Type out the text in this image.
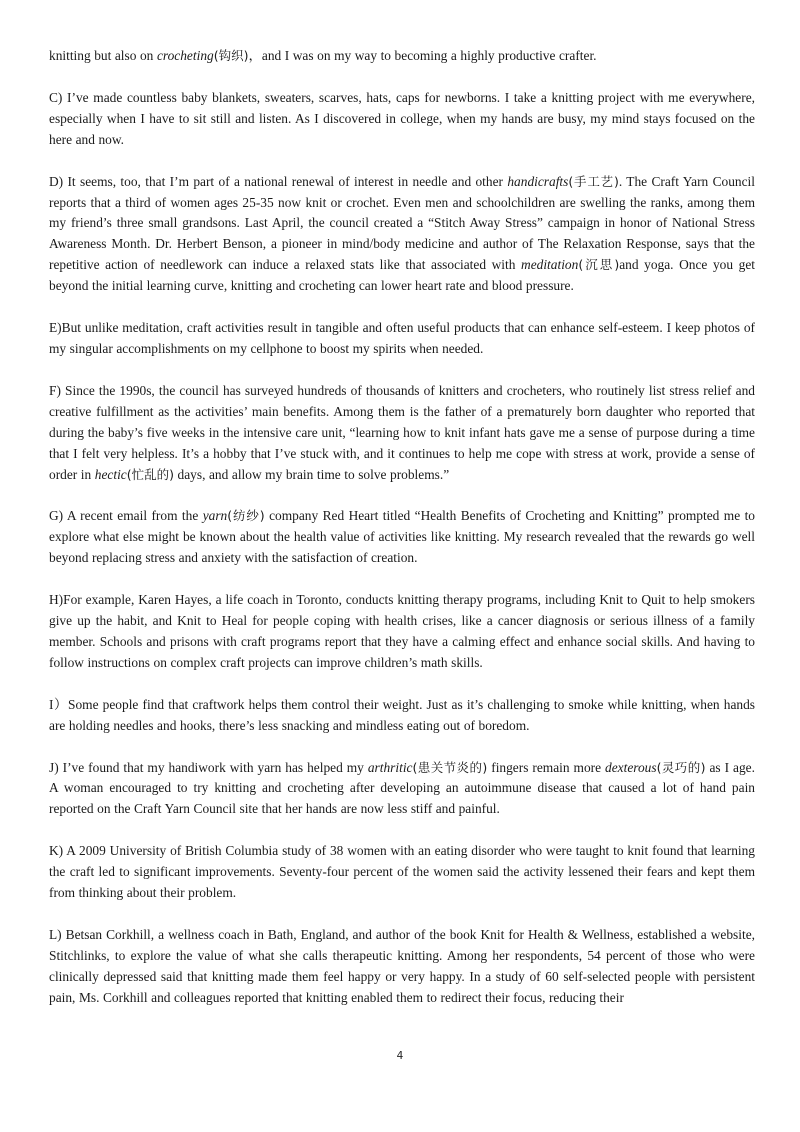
knitting but also on crocheting(钩织)，and I was on my way to becoming a highly productive crafter.

C) I’ve made countless baby blankets, sweaters, scarves, hats, caps for newborns. I take a knitting project with me everywhere, especially when I have to sit still and listen. As I discovered in college, when my hands are busy, my mind stays focused on the here and now.

D) It seems, too, that I’m part of a national renewal of interest in needle and other handicrafts(手工艺). The Craft Yarn Council reports that a third of women ages 25-35 now knit or crochet. Even men and schoolchildren are swelling the ranks, among them my friend’s three small grandsons. Last April, the council created a “Stitch Away Stress” campaign in honor of National Stress Awareness Month. Dr. Herbert Benson, a pioneer in mind/body medicine and author of The Relaxation Response, says that the repetitive action of needlework can induce a relaxed stats like that associated with meditation(沉思)and yoga. Once you get beyond the initial learning curve, knitting and crocheting can lower heart rate and blood pressure.

E)But unlike meditation, craft activities result in tangible and often useful products that can enhance self-esteem. I keep photos of my singular accomplishments on my cellphone to boost my spirits when needed.

F) Since the 1990s, the council has surveyed hundreds of thousands of knitters and crocheters, who routinely list stress relief and creative fulfillment as the activities’ main benefits. Among them is the father of a prematurely born daughter who reported that during the baby’s five weeks in the intensive care unit, “learning how to knit infant hats gave me a sense of purpose during a time that I felt very helpless. It’s a hobby that I’ve stuck with, and it continues to help me cope with stress at work, provide a sense of order in hectic(忙乱的) days, and allow my brain time to solve problems.”

G) A recent email from the yarn(纺纱) company Red Heart titled “Health Benefits of Crocheting and Knitting” prompted me to explore what else might be known about the health value of activities like knitting. My research revealed that the rewards go well beyond replacing stress and anxiety with the satisfaction of creation.

H)For example, Karen Hayes, a life coach in Toronto, conducts knitting therapy programs, including Knit to Quit to help smokers give up the habit, and Knit to Heal for people coping with health crises, like a cancer diagnosis or serious illness of a family member. Schools and prisons with craft programs report that they have a calming effect and enhance social skills. And having to follow instructions on complex craft projects can improve children’s math skills.

I）Some people find that craftwork helps them control their weight. Just as it’s challenging to smoke while knitting, when hands are holding needles and hooks, there’s less snacking and mindless eating out of boredom.

J) I’ve found that my handiwork with yarn has helped my arthritic(患关节炎的) fingers remain more dexterous(灵巧的) as I age. A woman encouraged to try knitting and crocheting after developing an autoimmune disease that caused a lot of hand pain reported on the Craft Yarn Council site that her hands are now less stiff and painful.

K) A 2009 University of British Columbia study of 38 women with an eating disorder who were taught to knit found that learning the craft led to significant improvements. Seventy-four percent of the women said the activity lessened their fears and kept them from thinking about their problem.

L) Betsan Corkhill, a wellness coach in Bath, England, and author of the book Knit for Health & Wellness, established a website, Stitchlinks, to explore the value of what she calls therapeutic knitting. Among her respondents, 54 percent of those who were clinically depressed said that knitting made them feel happy or very happy. In a study of 60 self-selected people with persistent pain, Ms. Corkhill and colleagues reported that knitting enabled them to redirect their focus, reducing their

4
